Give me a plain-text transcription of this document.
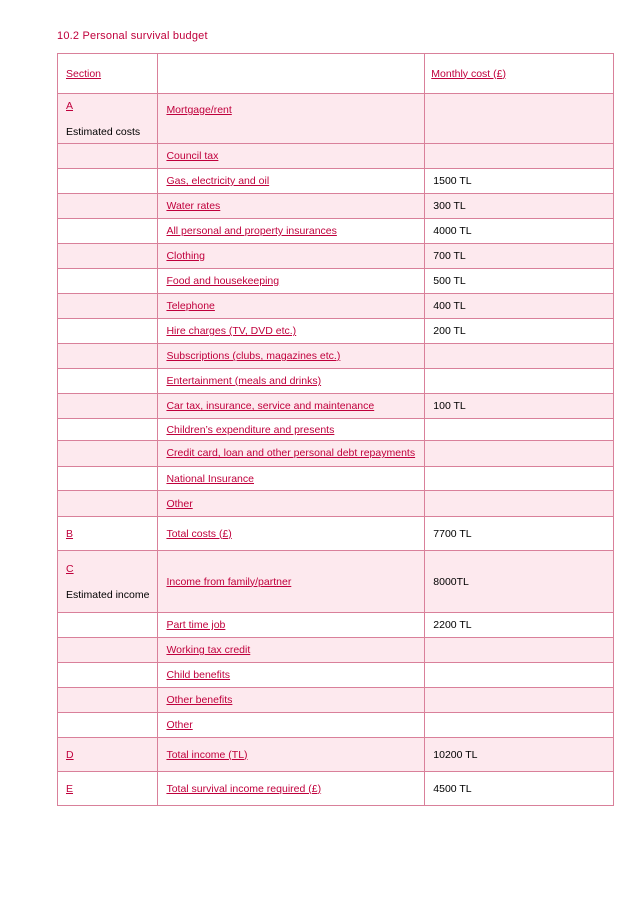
10.2 Personal survival budget
Section		Monthly cost (£)
A
Estimated costs	Mortgage/rent	
	Council tax	
	Gas, electricity and oil	1500 TL
	Water rates	300 TL
	All personal and property insurances	4000 TL
	Clothing	700 TL
	Food and housekeeping	500 TL
	Telephone	400 TL
	Hire charges (TV, DVD etc.)	200 TL
	Subscriptions (clubs, magazines etc.)	
	Entertainment (meals and drinks)	
	Car tax, insurance, service and maintenance	100 TL
	Children’s expenditure and presents	
	Credit card, loan and other personal debt repayments	
	National Insurance	
	Other	
B	Total costs (£)	7700 TL
C
Estimated income	Income from family/partner	8000TL
	Part time job	2200 TL
	Working tax credit	
	Child benefits	
	Other benefits	
	Other	
D	Total income (TL)	10200 TL
E	Total survival income required (£)	4500 TL
